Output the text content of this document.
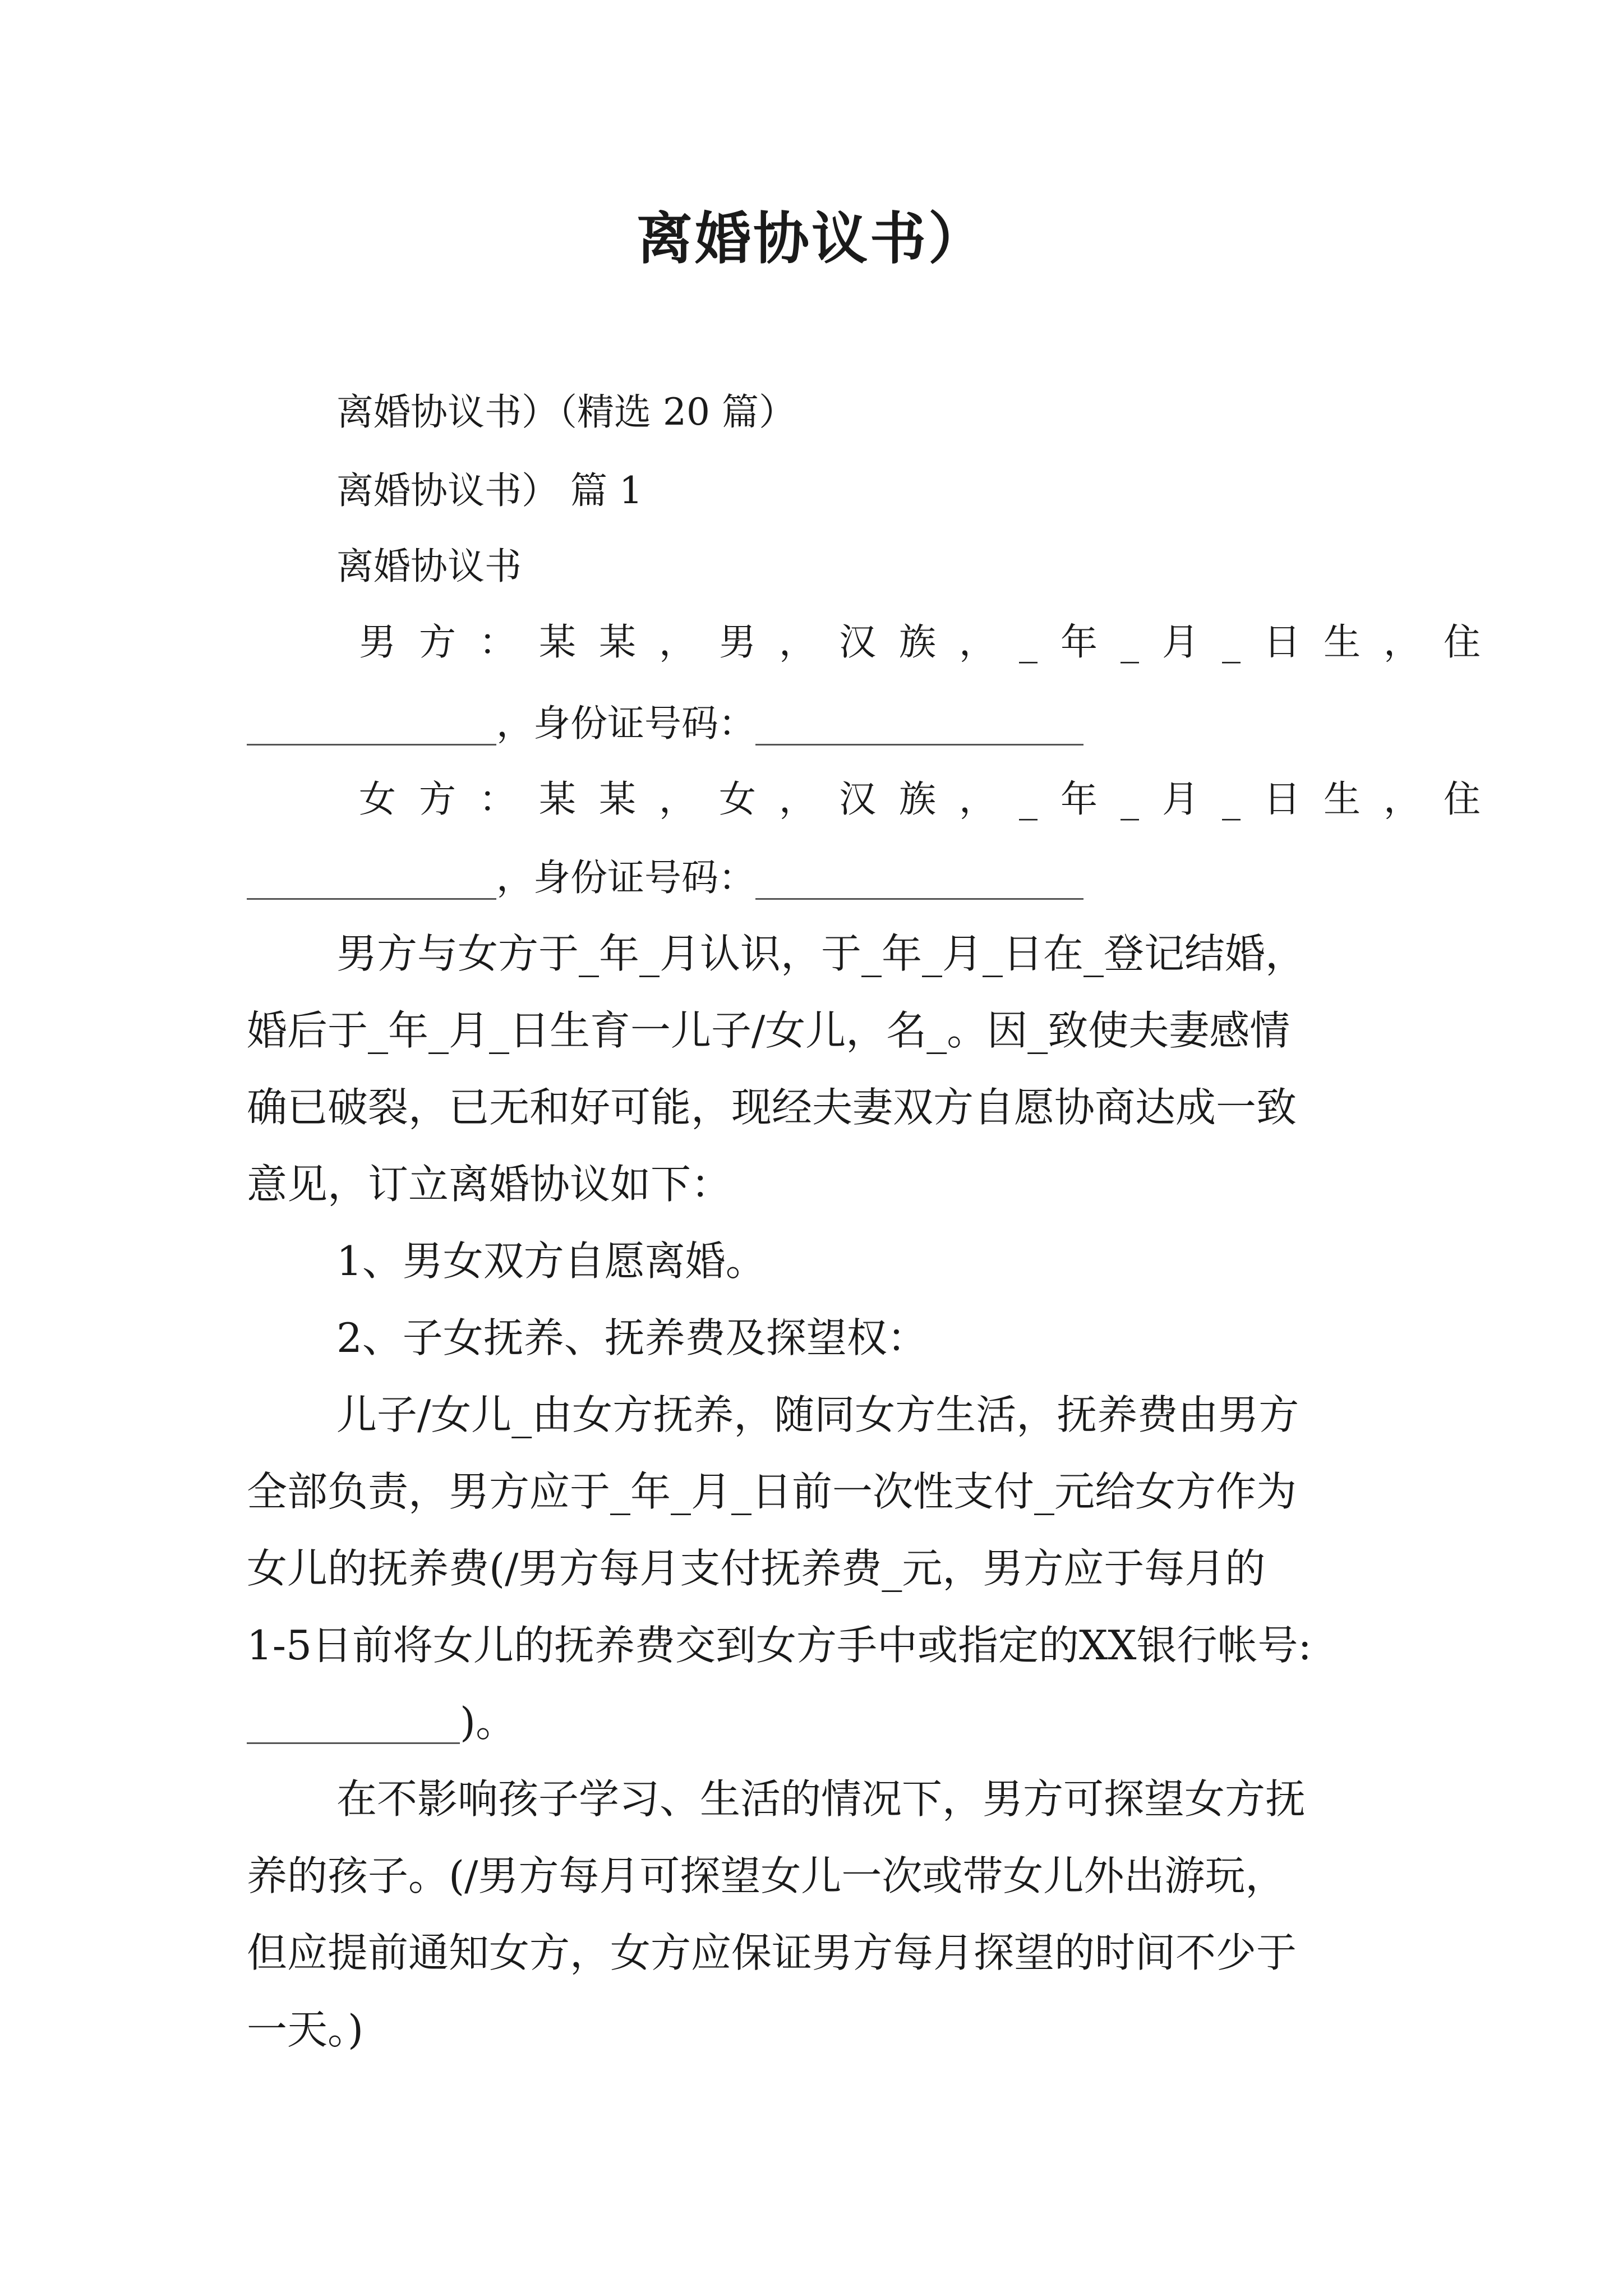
离婚协议书）
离婚协议书）（精选 20 篇）
离婚协议书） 篇 1
离婚协议书
男 方 ： 某 某 ， 男 ， 汉 族 ， _ 年 _ 月 _ 日 生 ， 住
，身份证号码：
女 方 ： 某 某 ， 女 ， 汉 族 ， _ 年 _ 月 _ 日 生 ， 住
，身份证号码：
男方与女方于_年_月认识，于_年_月_日在_登记结婚，
婚后于_年_月_日生育一儿子/女儿，名_。因_致使夫妻感情
确已破裂，已无和好可能，现经夫妻双方自愿协商达成一致
意见，订立离婚协议如下：
1、男女双方自愿离婚。
2、子女抚养、抚养费及探望权：
儿子/女儿_由女方抚养，随同女方生活，抚养费由男方
全部负责，男方应于_年_月_日前一次性支付_元给女方作为
女儿的抚养费(/男方每月支付抚养费_元，男方应于每月的
1-5日前将女儿的抚养费交到女方手中或指定的XX银行帐号:
)。
在不影响孩子学习、生活的情况下，男方可探望女方抚
养的孩子。(/男方每月可探望女儿一次或带女儿外出游玩，
但应提前通知女方，女方应保证男方每月探望的时间不少于
一天。)
